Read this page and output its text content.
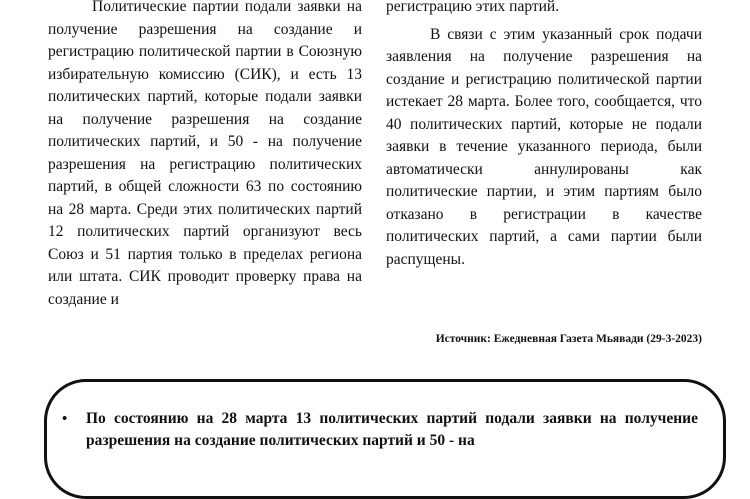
Политические партии подали заявки на получение разрешения на создание и регистрацию политической партии в Союзную избирательную комиссию (СИК), и есть 13 политических партий, которые подали заявки на получение разрешения на создание политических партий, и 50 - на получение разрешения на регистрацию политических партий, в общей сложности 63 по состоянию на 28 марта. Среди этих политических партий 12 политических партий организуют весь Союз и 51 партия только в пределах региона или штата. СИК проводит проверку права на создание и

регистрацию этих партий.

В связи с этим указанный срок подачи заявления на получение разрешения на создание и регистрацию политической партии истекает 28 марта. Более того, сообщается, что 40 политических партий, которые не подали заявки в течение указанного периода, были автоматически аннулированы как политические партии, и этим партиям было отказано в регистрации в качестве политических партий, а сами партии были распущены.

Источник: Ежедневная Газета Мьявади (29-3-2023)
• По состоянию на 28 марта 13 политических партий подали заявки на получение разрешения на создание политических партий и 50 - на
